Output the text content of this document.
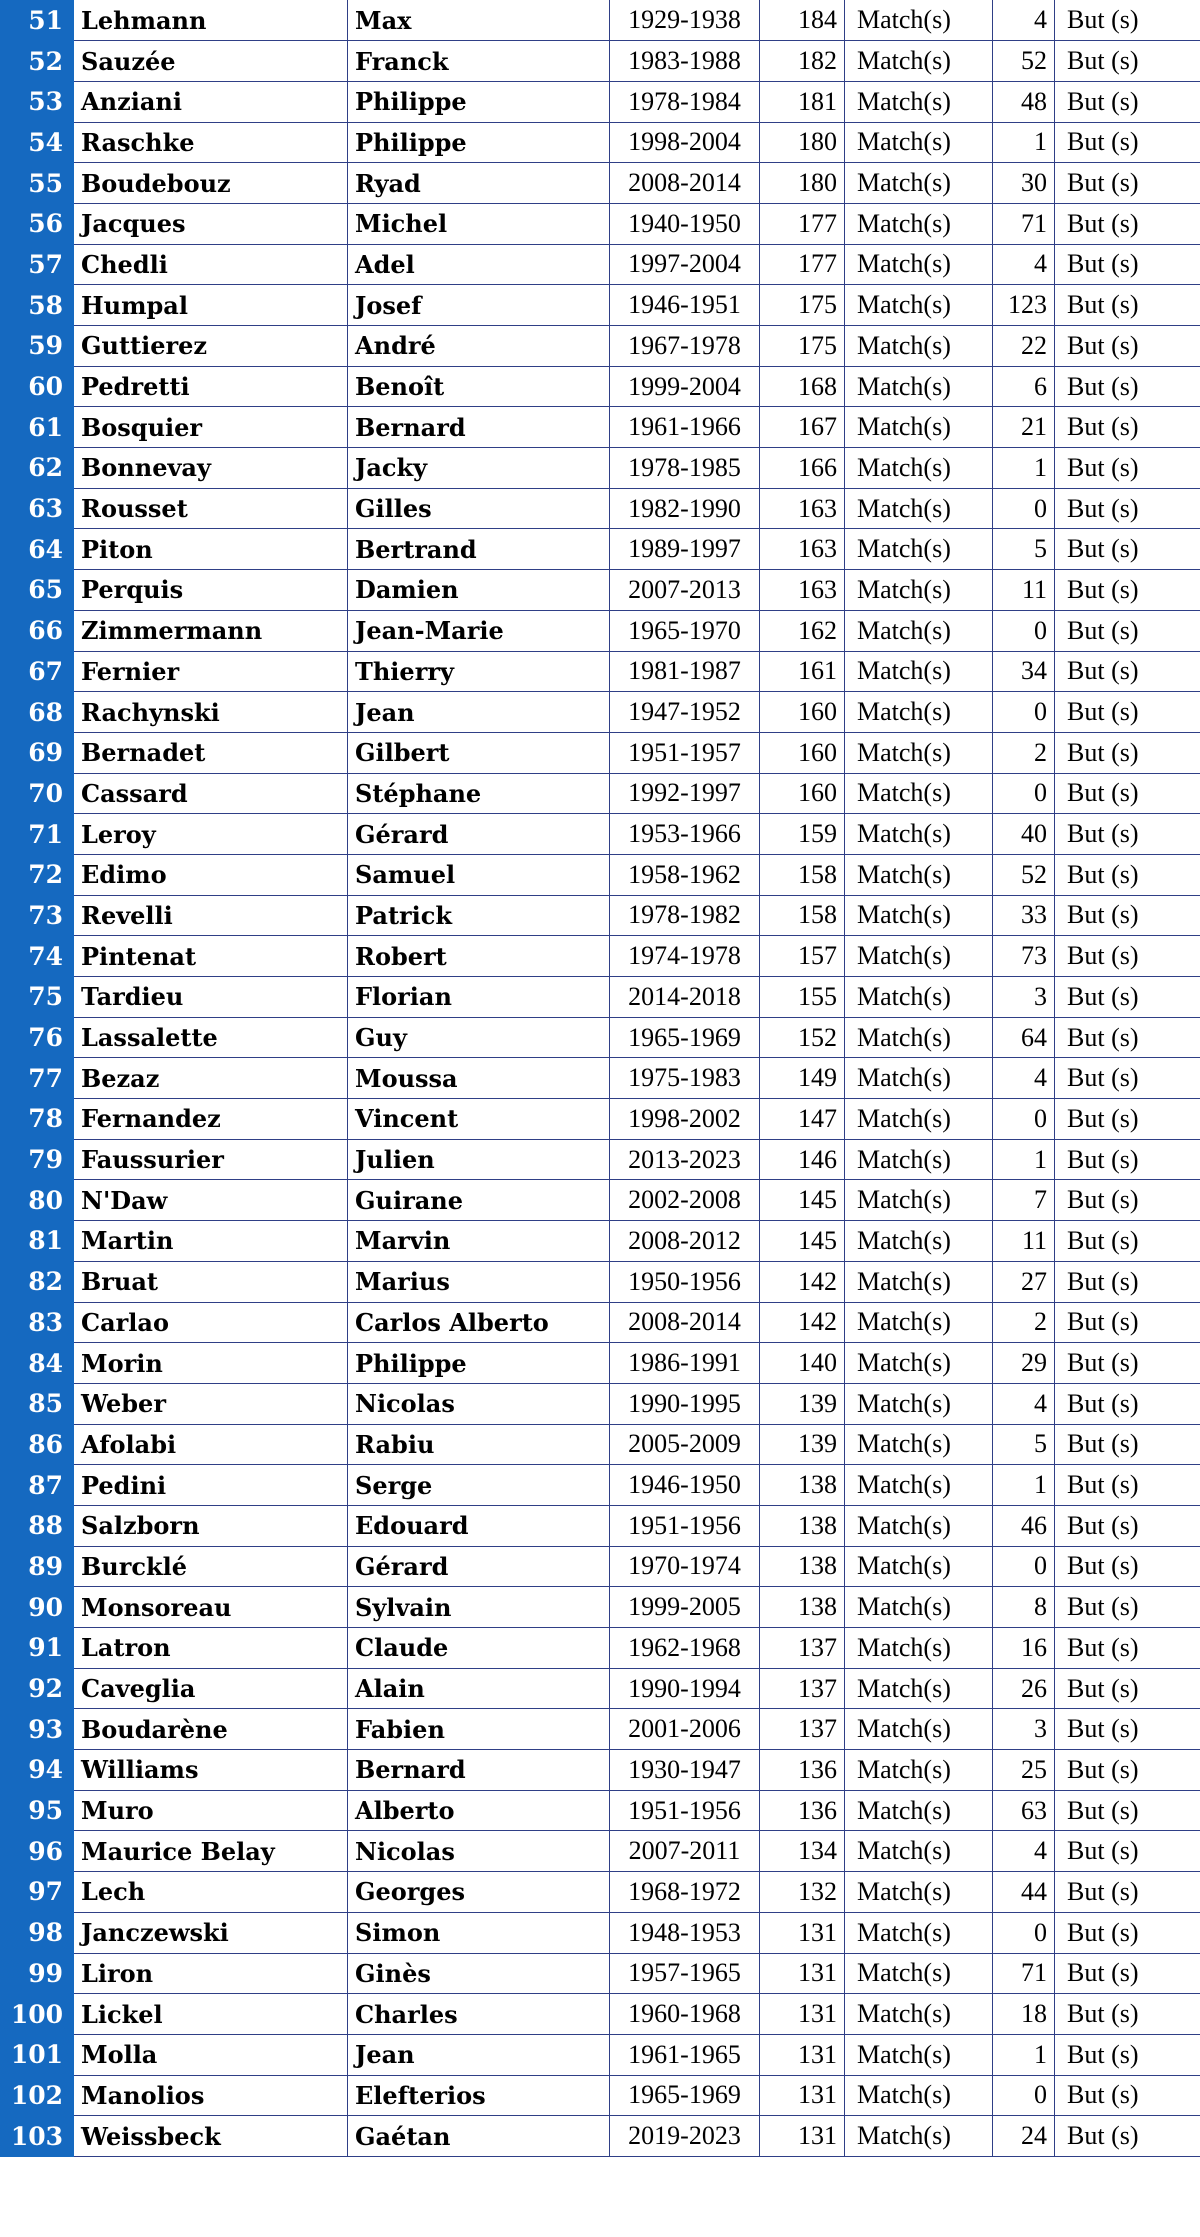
51	Lehmann	Max	1929-1938	184	Match(s)	4	But (s)
52	Sauzée	Franck	1983-1988	182	Match(s)	52	But (s)
53	Anziani	Philippe	1978-1984	181	Match(s)	48	But (s)
54	Raschke	Philippe	1998-2004	180	Match(s)	1	But (s)
55	Boudebouz	Ryad	2008-2014	180	Match(s)	30	But (s)
56	Jacques	Michel	1940-1950	177	Match(s)	71	But (s)
57	Chedli	Adel	1997-2004	177	Match(s)	4	But (s)
58	Humpal	Josef	1946-1951	175	Match(s)	123	But (s)
59	Guttierez	André	1967-1978	175	Match(s)	22	But (s)
60	Pedretti	Benoît	1999-2004	168	Match(s)	6	But (s)
61	Bosquier	Bernard	1961-1966	167	Match(s)	21	But (s)
62	Bonnevay	Jacky	1978-1985	166	Match(s)	1	But (s)
63	Rousset	Gilles	1982-1990	163	Match(s)	0	But (s)
64	Piton	Bertrand	1989-1997	163	Match(s)	5	But (s)
65	Perquis	Damien	2007-2013	163	Match(s)	11	But (s)
66	Zimmermann	Jean-Marie	1965-1970	162	Match(s)	0	But (s)
67	Fernier	Thierry	1981-1987	161	Match(s)	34	But (s)
68	Rachynski	Jean	1947-1952	160	Match(s)	0	But (s)
69	Bernadet	Gilbert	1951-1957	160	Match(s)	2	But (s)
70	Cassard	Stéphane	1992-1997	160	Match(s)	0	But (s)
71	Leroy	Gérard	1953-1966	159	Match(s)	40	But (s)
72	Edimo	Samuel	1958-1962	158	Match(s)	52	But (s)
73	Revelli	Patrick	1978-1982	158	Match(s)	33	But (s)
74	Pintenat	Robert	1974-1978	157	Match(s)	73	But (s)
75	Tardieu	Florian	2014-2018	155	Match(s)	3	But (s)
76	Lassalette	Guy	1965-1969	152	Match(s)	64	But (s)
77	Bezaz	Moussa	1975-1983	149	Match(s)	4	But (s)
78	Fernandez	Vincent	1998-2002	147	Match(s)	0	But (s)
79	Faussurier	Julien	2013-2023	146	Match(s)	1	But (s)
80	N'Daw	Guirane	2002-2008	145	Match(s)	7	But (s)
81	Martin	Marvin	2008-2012	145	Match(s)	11	But (s)
82	Bruat	Marius	1950-1956	142	Match(s)	27	But (s)
83	Carlao	Carlos Alberto	2008-2014	142	Match(s)	2	But (s)
84	Morin	Philippe	1986-1991	140	Match(s)	29	But (s)
85	Weber	Nicolas	1990-1995	139	Match(s)	4	But (s)
86	Afolabi	Rabiu	2005-2009	139	Match(s)	5	But (s)
87	Pedini	Serge	1946-1950	138	Match(s)	1	But (s)
88	Salzborn	Edouard	1951-1956	138	Match(s)	46	But (s)
89	Burcklé	Gérard	1970-1974	138	Match(s)	0	But (s)
90	Monsoreau	Sylvain	1999-2005	138	Match(s)	8	But (s)
91	Latron	Claude	1962-1968	137	Match(s)	16	But (s)
92	Caveglia	Alain	1990-1994	137	Match(s)	26	But (s)
93	Boudarène	Fabien	2001-2006	137	Match(s)	3	But (s)
94	Williams	Bernard	1930-1947	136	Match(s)	25	But (s)
95	Muro	Alberto	1951-1956	136	Match(s)	63	But (s)
96	Maurice Belay	Nicolas	2007-2011	134	Match(s)	4	But (s)
97	Lech	Georges	1968-1972	132	Match(s)	44	But (s)
98	Janczewski	Simon	1948-1953	131	Match(s)	0	But (s)
99	Liron	Ginès	1957-1965	131	Match(s)	71	But (s)
100	Lickel	Charles	1960-1968	131	Match(s)	18	But (s)
101	Molla	Jean	1961-1965	131	Match(s)	1	But (s)
102	Manolios	Elefterios	1965-1969	131	Match(s)	0	But (s)
103	Weissbeck	Gaétan	2019-2023	131	Match(s)	24	But (s)
